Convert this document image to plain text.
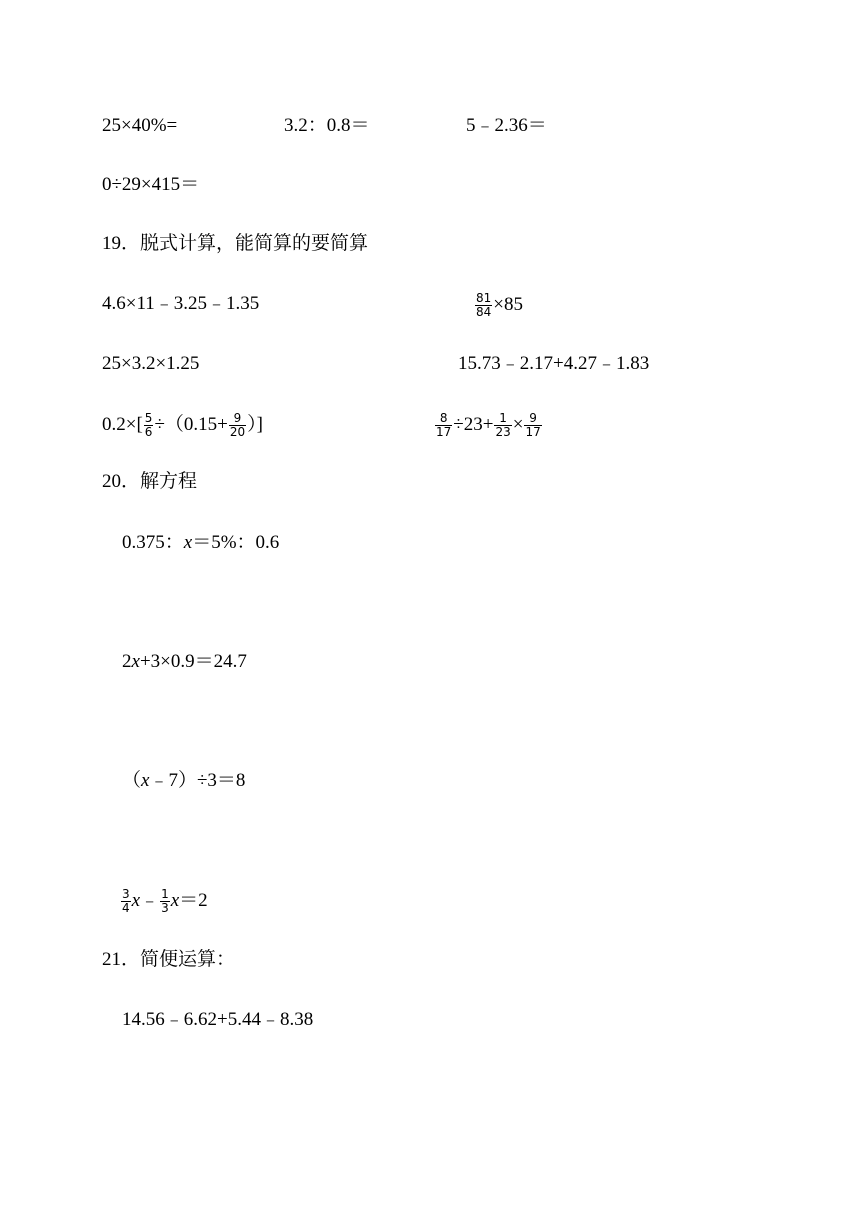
25×40%=	3.2：0.8＝	5﹣2.36＝
0÷29×415＝
19．脱式计算，能简算的要简算
4.6×11﹣3.25﹣1.35	$\frac{81}{84} \times 85$
25×3.2×1.25	15.73﹣2.17+4.27﹣1.83
$0.2\times[ \frac{5}{6} \div(0.15+ \frac{9}{20}$ ）]	$\frac{8}{17} \div 23+ \frac{1}{23} \times \frac{9}{17}$
20．解方程
0.375：x＝5%：0.6
2x+3×0.9＝24.7
（x﹣7）÷3＝8
$\frac{3}{4}$ x﹣ $\frac{1}{3} x=2$
21．简便运算：
14.56﹣6.62+5.44﹣8.38
